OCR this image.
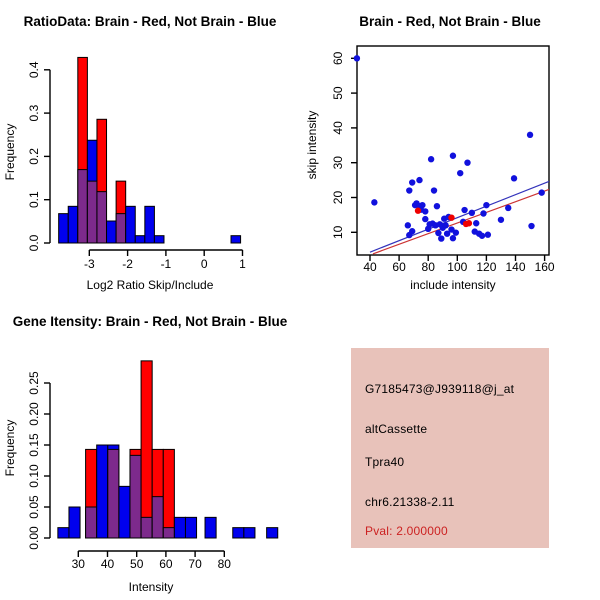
RatioData: Brain - Red, Not Brain - Blue
Log2 Ratio Skip/Include
Frequency
-3 -2 -1 0	1
0.0
0.1
0.2
0.3
0.4
Brain - Red, Not Brain - Blue
include intensity
skip intensity
40 60 80 100 120 140 160
10
20
30
40
50
60
Gene Itensity: Brain - Red, Not Brain - Blue
Intensity
Frequency
30 40 50 60 70 80
0.00
0.05
0.10
0.15
0.20
0.25	G7185473@J939118@j_at
altCassette
Tpra40
chr6.21338-2.11
Pval: 2.000000
